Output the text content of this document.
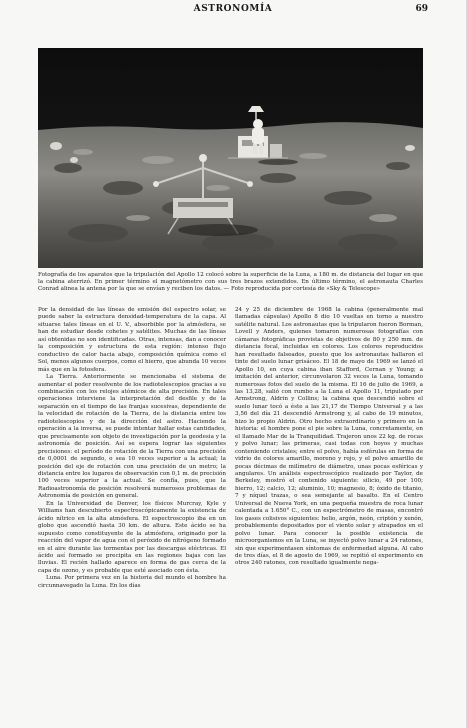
ASTRONOMÍA	69
Fotografía de los aparatos que la tripulación del Apollo 12 colocó sobre la superficie de la Luna, a 180 m. de distancia del lugar en que la cabina aterrizó. En primer término el magnetómetro con sus tres brazos extendidos. En último término, el astronauta Charles Conrad alinea la antena por la que se envían y reciben los datos. — Foto reproducida por cortesía de «Sky & Telescope»

Por la densidad de las líneas de emisión del espectro solar, se puede saber la estructura densidad-temperatura de la capa. Al situarse tales líneas en el U. V., absorbible por la atmósfera, se han de estudiar desde cohetes y satélites. Muchas de las líneas así obtenidas no son identificadas. Otras, intensas, dan a conocer la composición y estructura de esta región: intenso flujo conductivo de calor hacia abajo, composición química como el Sol, menos algunos cuerpos, como el hierro, que abunda 10 veces más que en la fotosfera.

La Tierra. Anteriormente se mencionaba el sistema de aumentar el poder resolvente de los radiotelescopios gracias a su combinación con los relojes atómicos de alta precisión. En tales operaciones interviene la interpretación del desfile y de la separación en el tiempo de las franjas sucesivas, dependiente de la velocidad de rotación de la Tierra, de la distancia entre los radiotelescopios y de la dirección del astro. Haciendo la operación a la inversa, se puede intentar hallar estas cantidades, que precisamente son objeto de investigación por la geodesia y la astronomía de posición. Así se espera lograr las siguientes precisiones: el período de rotación de la Tierra con una precisión de 0,0001 de segundo, o sea 10 veces superior a la actual; la posición del eje de rotación con una precisión de un metro; la distancia entre los lugares de observación con 0,1 m. de precisión 100 veces superior a la actual. Se confía, pues, que la Radioastronomía de posición resolverá numerosos problemas de Astronomía de posición en general.

En la Universidad de Denver, los físicos Murcray, Kyle y Williams han descubierto espectroscópicamente la existencia de ácido nítrico en la alta atmósfera. El espectroscopio iba en un globo que ascendió hasta 30 km. de altura. Este ácido se ha supuesto como constituyente de la atmósfera, originado por la reacción del vapor de agua con el peróxido de nitrógeno formado en el aire durante las tormentas por las descargas eléctricas. El ácido así formado se precipita en las regiones bajas con las lluvias. El recién hallado aparece en forma de gas cerca de la capa de ozono, y es probable que esté asociado con ésta.

Luna. Por primera vez en la historia del mundo el hombre ha circunnavegado la Luna. En los días

24 y 25 de diciembre de 1968 la cabina (generalmente mal llamadas cápsulas) Apollo 8 dio 10 vueltas en torno a nuestro satélite natural. Los astronautas que la tripularon fueron Borman, Lovell y Anders, quienes tomaron numerosas fotografías con cámaras fotográficas provistas de objetivos de 80 y 250 mm. de distancia focal, incluidas en colores. Los colores reproducidos han resultado falseados, puesto que los astronautas hallaron el tinte del suelo lunar grisáceo. El 18 de mayo de 1969 se lanzó el Apollo 10, en cuya cabina iban Stafford, Cernan y Young; a imitación del anterior, circunvolaron 32 veces la Luna, tomando numerosas fotos del suelo de la misma. El 16 de julio de 1969, a las 13,28, salió con rumbo a la Luna el Apollo 11, tripulado por Armstrong, Aldrin y Collins; la cabina que descendió sobre el suelo lunar tocó a éste a las 21,17 de Tiempo Universal y a las 3,56 del día 21 descendió Armstrong y, al cabo de 19 minutos, hizo lo propio Aldrin. Otro hecho extraordinario y primero en la historia: el hombre pone el pie sobre la Luna, concretamente, en el llamado Mar de la Tranquilidad. Trajeron unos 22 kg. de rocas y polvo lunar; las primeras, casi todas con hoyos y muchas conteniendo cristales; entre el polvo, había esférulas en forma de vidrio de colores amarillo, moreno y rojo, y el polvo amarillo de pocas décimas de milímetro de diámetro, unas pocas esféricas y angulares. Un análisis espectroscópico realizado por Taylor, de Berkeley, mostró el contenido siguiente: silicio, 49 por 100; hierro, 12; calcio, 12; aluminio, 10; magnesio, 8; óxido de titanio, 7 y níquel trazas, o sea semejante al basalto. En el Centro Universal de Nueva York, en una pequeña muestra de roca lunar calentada a 1.650° C., con un espectrómetro de masas, encontró los gases colisivos siguientes: helio, argón, neón, criptón y xenón, probablemente depositados por el viento solar y atrapados en el polvo lunar. Para conocer la posible existencia de microorganismos en la Luna, se inyectó polvo lunar a 24 ratones, sin que experimentasen síntomas de enfermedad alguna. Al cabo de tres días, el 8 de agosto de 1969, se repitió el experimento en otros 240 ratones, con resultado igualmente nega-
